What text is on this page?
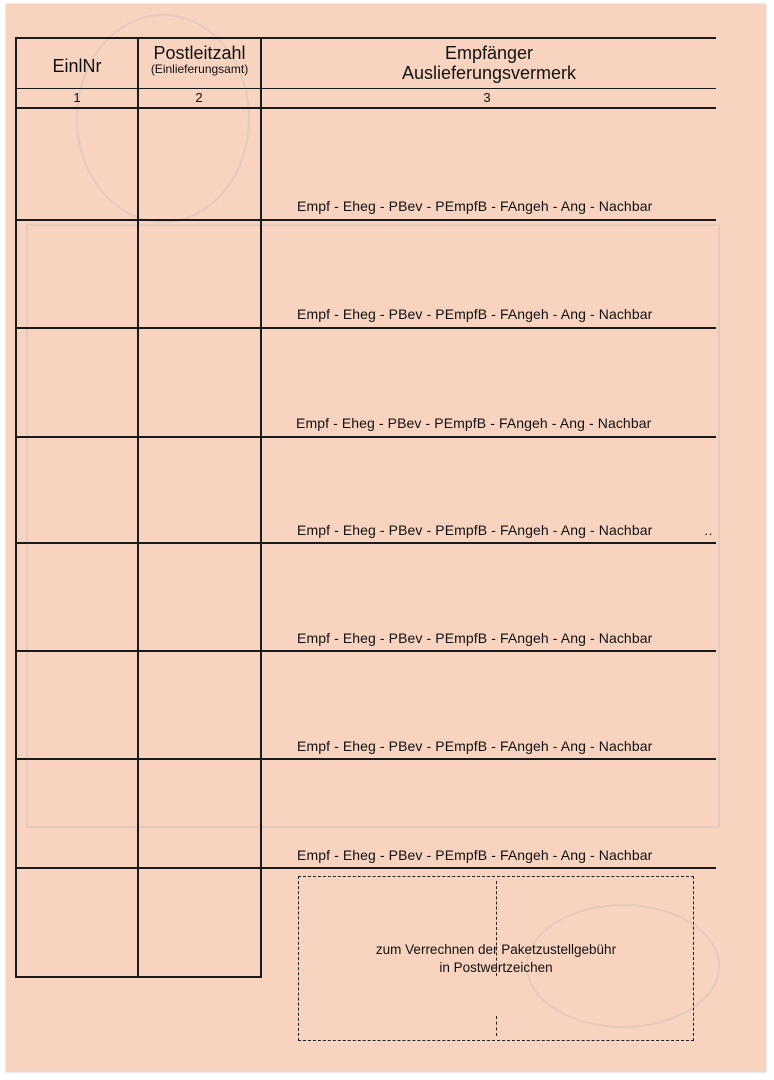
EinlNr
Postleitzahl
(Einlieferungsamt)
Empfänger
Auslieferungsvermerk
1	2	3
Empf - Eheg - PBev - PEmpfB - FAngeh - Ang - Nachbar
Empf - Eheg - PBev - PEmpfB - FAngeh - Ang - Nachbar
Empf - Eheg - PBev - PEmpfB - FAngeh - Ang - Nachbar
Empf - Eheg - PBev - PEmpfB - FAngeh - Ang - Nachbar
Empf - Eheg - PBev - PEmpfB - FAngeh - Ang - Nachbar
Empf - Eheg - PBev - PEmpfB - FAngeh - Ang - Nachbar
Empf - Eheg - PBev - PEmpfB - FAngeh - Ang - Nachbar
··
zum Verrechnen der Paketzustellgebühr
in Postwertzeichen
